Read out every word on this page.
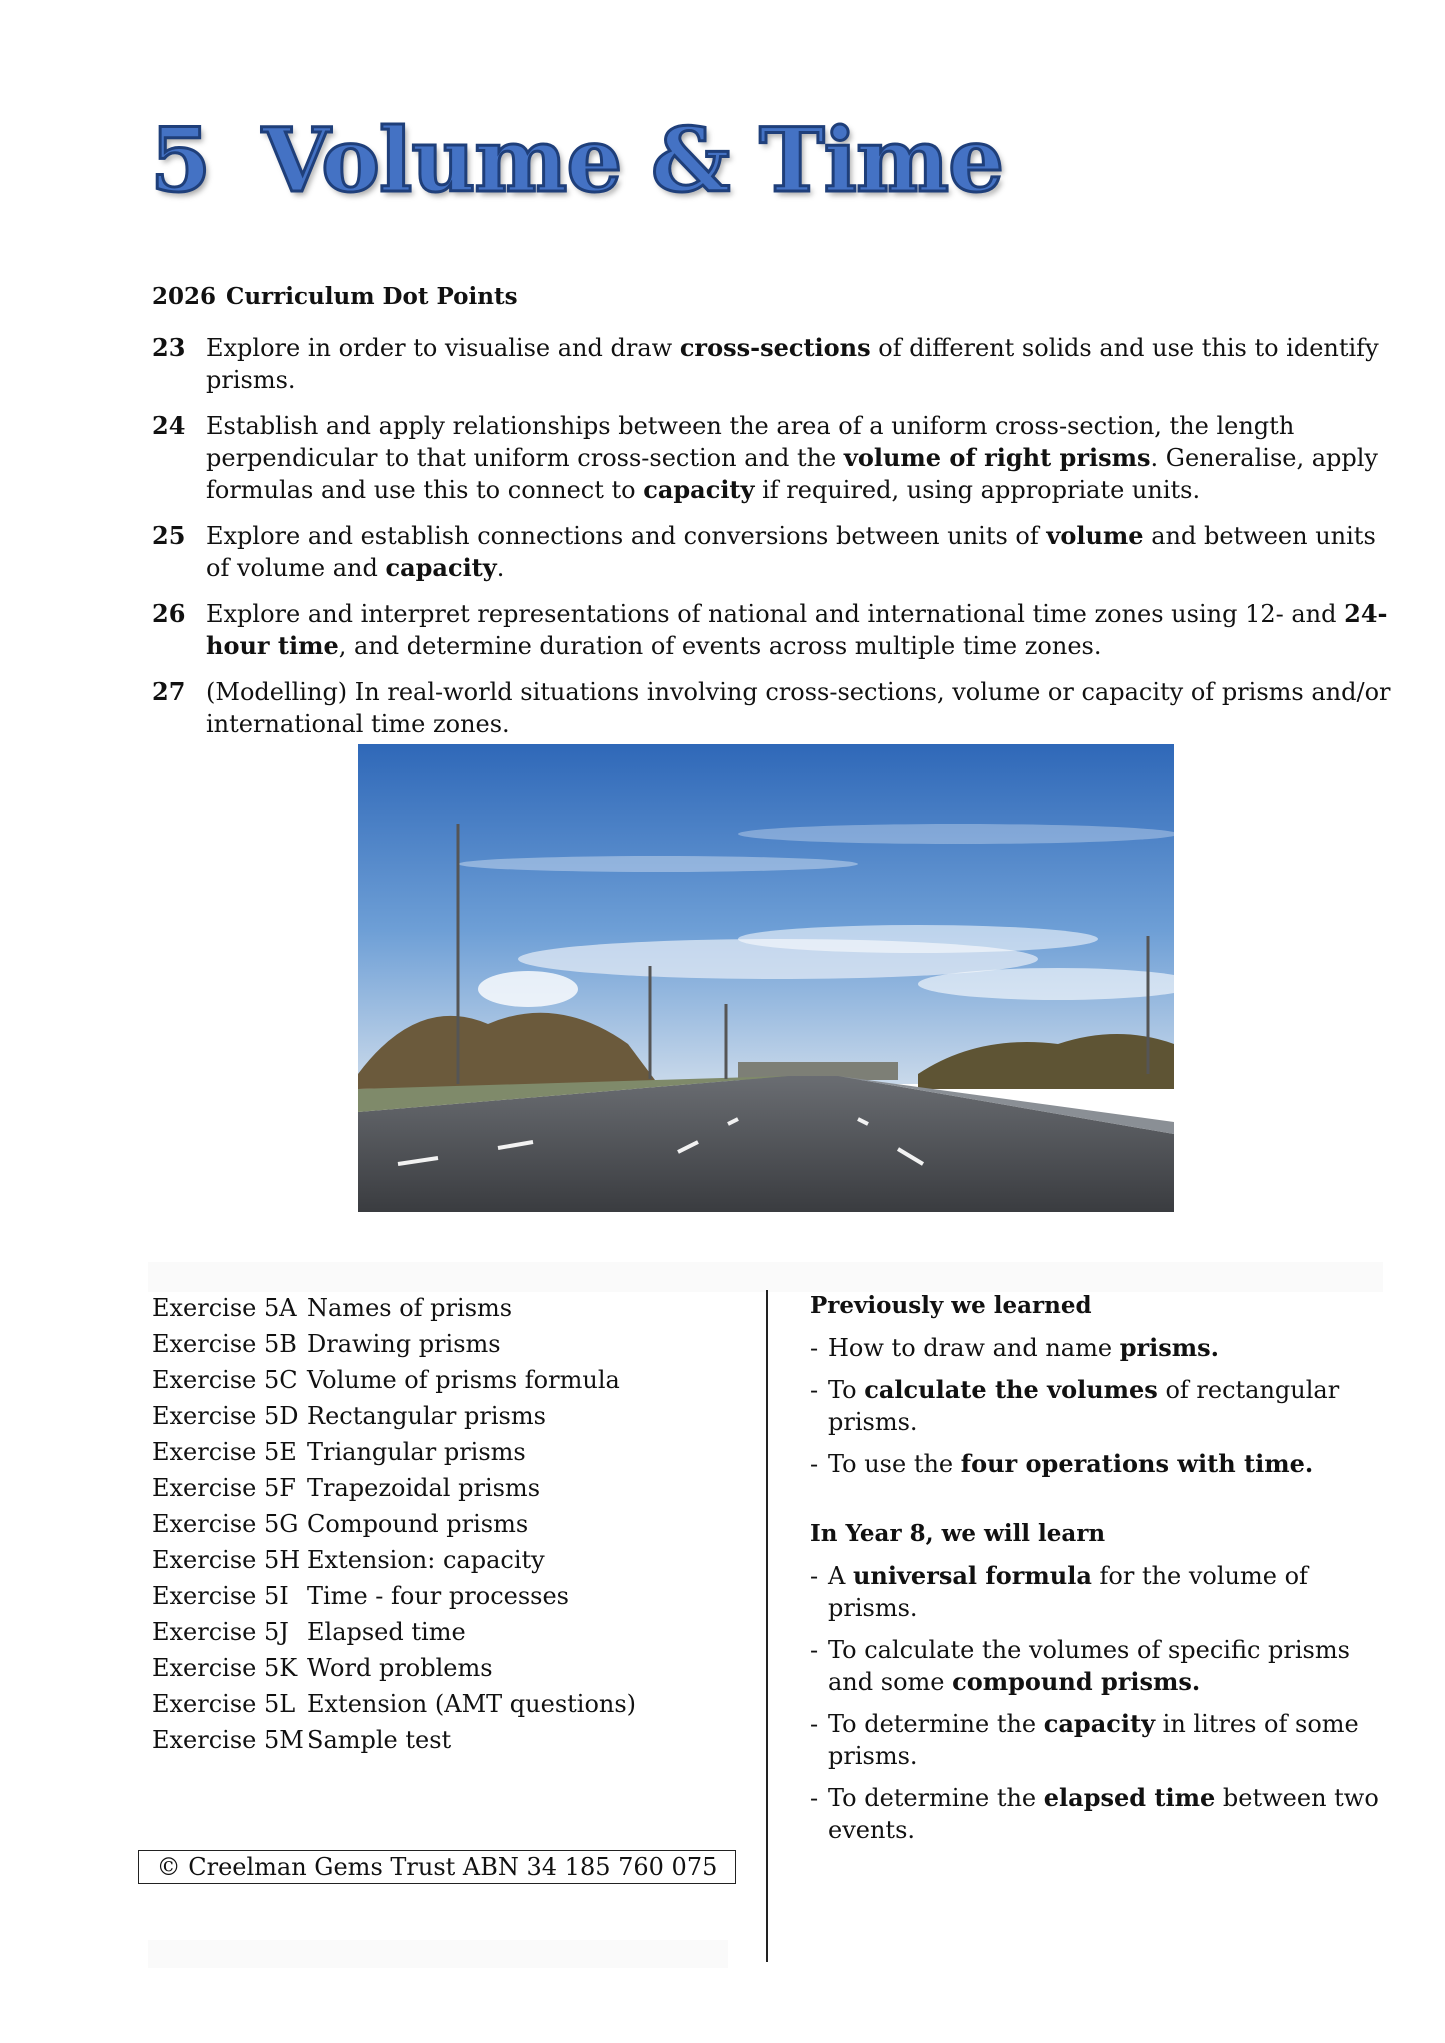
5 Volume & Time
2026 Curriculum Dot Points
23 Explore in order to visualise and draw cross-sections of different solids and use this to identify prisms.
24 Establish and apply relationships between the area of a uniform cross-section, the length perpendicular to that uniform cross-section and the volume of right prisms. Generalise, apply formulas and use this to connect to capacity if required, using appropriate units.
25 Explore and establish connections and conversions between units of volume and between units of volume and capacity.
26 Explore and interpret representations of national and international time zones using 12- and 24-hour time, and determine duration of events across multiple time zones.
27 (Modelling) In real-world situations involving cross-sections, volume or capacity of prisms and/or international time zones.
Exercise 5A Names of prisms
Exercise 5B Drawing prisms
Exercise 5C Volume of prisms formula
Exercise 5D Rectangular prisms
Exercise 5E Triangular prisms
Exercise 5F Trapezoidal prisms
Exercise 5G Compound prisms
Exercise 5H Extension: capacity
Exercise 5I Time - four processes
Exercise 5J Elapsed time
Exercise 5K Word problems
Exercise 5L Extension (AMT questions)
Exercise 5M Sample test
Previously we learned
- How to draw and name prisms.
- To calculate the volumes of rectangular prisms.
- To use the four operations with time.
In Year 8, we will learn
- A universal formula for the volume of prisms.
- To calculate the volumes of specific prisms and some compound prisms.
- To determine the capacity in litres of some prisms.
- To determine the elapsed time between two events.
© Creelman Gems Trust ABN 34 185 760 075
